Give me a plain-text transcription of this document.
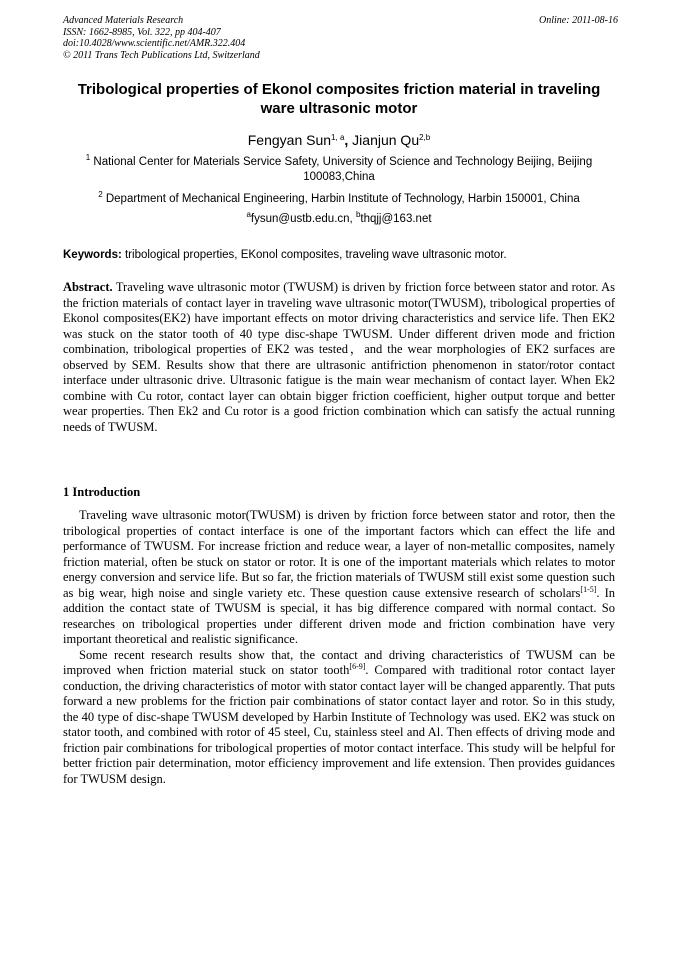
Advanced Materials Research
ISSN: 1662-8985, Vol. 322, pp 404-407
doi:10.4028/www.scientific.net/AMR.322.404
© 2011 Trans Tech Publications Ltd, Switzerland
Online: 2011-08-16
Tribological properties of Ekonol composites friction material in traveling ware ultrasonic motor
Fengyan Sun$^{1, a}$, Jianjun Qu$^{2,b}$
$^1$ National Center for Materials Service Safety, University of Science and Technology Beijing, Beijing 100083,China
$^2$ Department of Mechanical Engineering, Harbin Institute of Technology, Harbin 150001, China
$^a$fysun@ustb.edu.cn, $^b$thqjj@163.net
Keywords: tribological properties, EKonol composites, traveling wave ultrasonic motor.
Abstract. Traveling wave ultrasonic motor (TWUSM) is driven by friction force between stator and rotor. As the friction materials of contact layer in traveling wave ultrasonic motor(TWUSM), tribological properties of Ekonol composites(EK2) have important effects on motor driving characteristics and service life. Then EK2 was stuck on the stator tooth of 40 type disc-shape TWUSM. Under different driven mode and friction combination, tribological properties of EK2 was tested，and the wear morphologies of EK2 surfaces are observed by SEM. Results show that there are ultrasonic antifriction phenomenon in stator/rotor contact interface under ultrasonic drive. Ultrasonic fatigue is the main wear mechanism of contact layer. When Ek2 combine with Cu rotor, contact layer can obtain bigger friction coefficient, higher output torque and better wear properties. Then Ek2 and Cu rotor is a good friction combination which can satisfy the actual running needs of TWUSM.
1 Introduction

Traveling wave ultrasonic motor(TWUSM) is driven by friction force between stator and rotor, then the tribological properties of contact interface is one of the important factors which can effect the life and performance of TWUSM. For increase friction and reduce wear, a layer of non-metallic composites, namely friction material, often be stuck on stator or rotor. It is one of the important materials which relates to motor energy conversion and service life. But so far, the friction materials of TWUSM still exist some question such as big wear, high noise and single variety etc. These question cause extensive research of scholars[1-5]. In addition the contact state of TWUSM is special, it has big difference compared with normal contact. So researches on tribological properties under different driven mode and friction combination have very important theoretical and realistic significance.

Some recent research results show that, the contact and driving characteristics of TWUSM can be improved when friction material stuck on stator tooth[6-9]. Compared with traditional rotor contact layer conduction, the driving characteristics of motor with stator contact layer will be changed apparently. That puts forward a new problems for the friction pair combinations of stator contact layer and rotor. So in this study, the 40 type of disc-shape TWUSM developed by Harbin Institute of Technology was used. EK2 was stuck on stator tooth, and combined with rotor of 45 steel, Cu, stainless steel and Al. Then effects of driving mode and friction pair combinations for tribological properties of motor contact interface. This study will be helpful for better friction pair determination, motor efficiency improvement and life extension. Then provides guidances for TWUSM design.
